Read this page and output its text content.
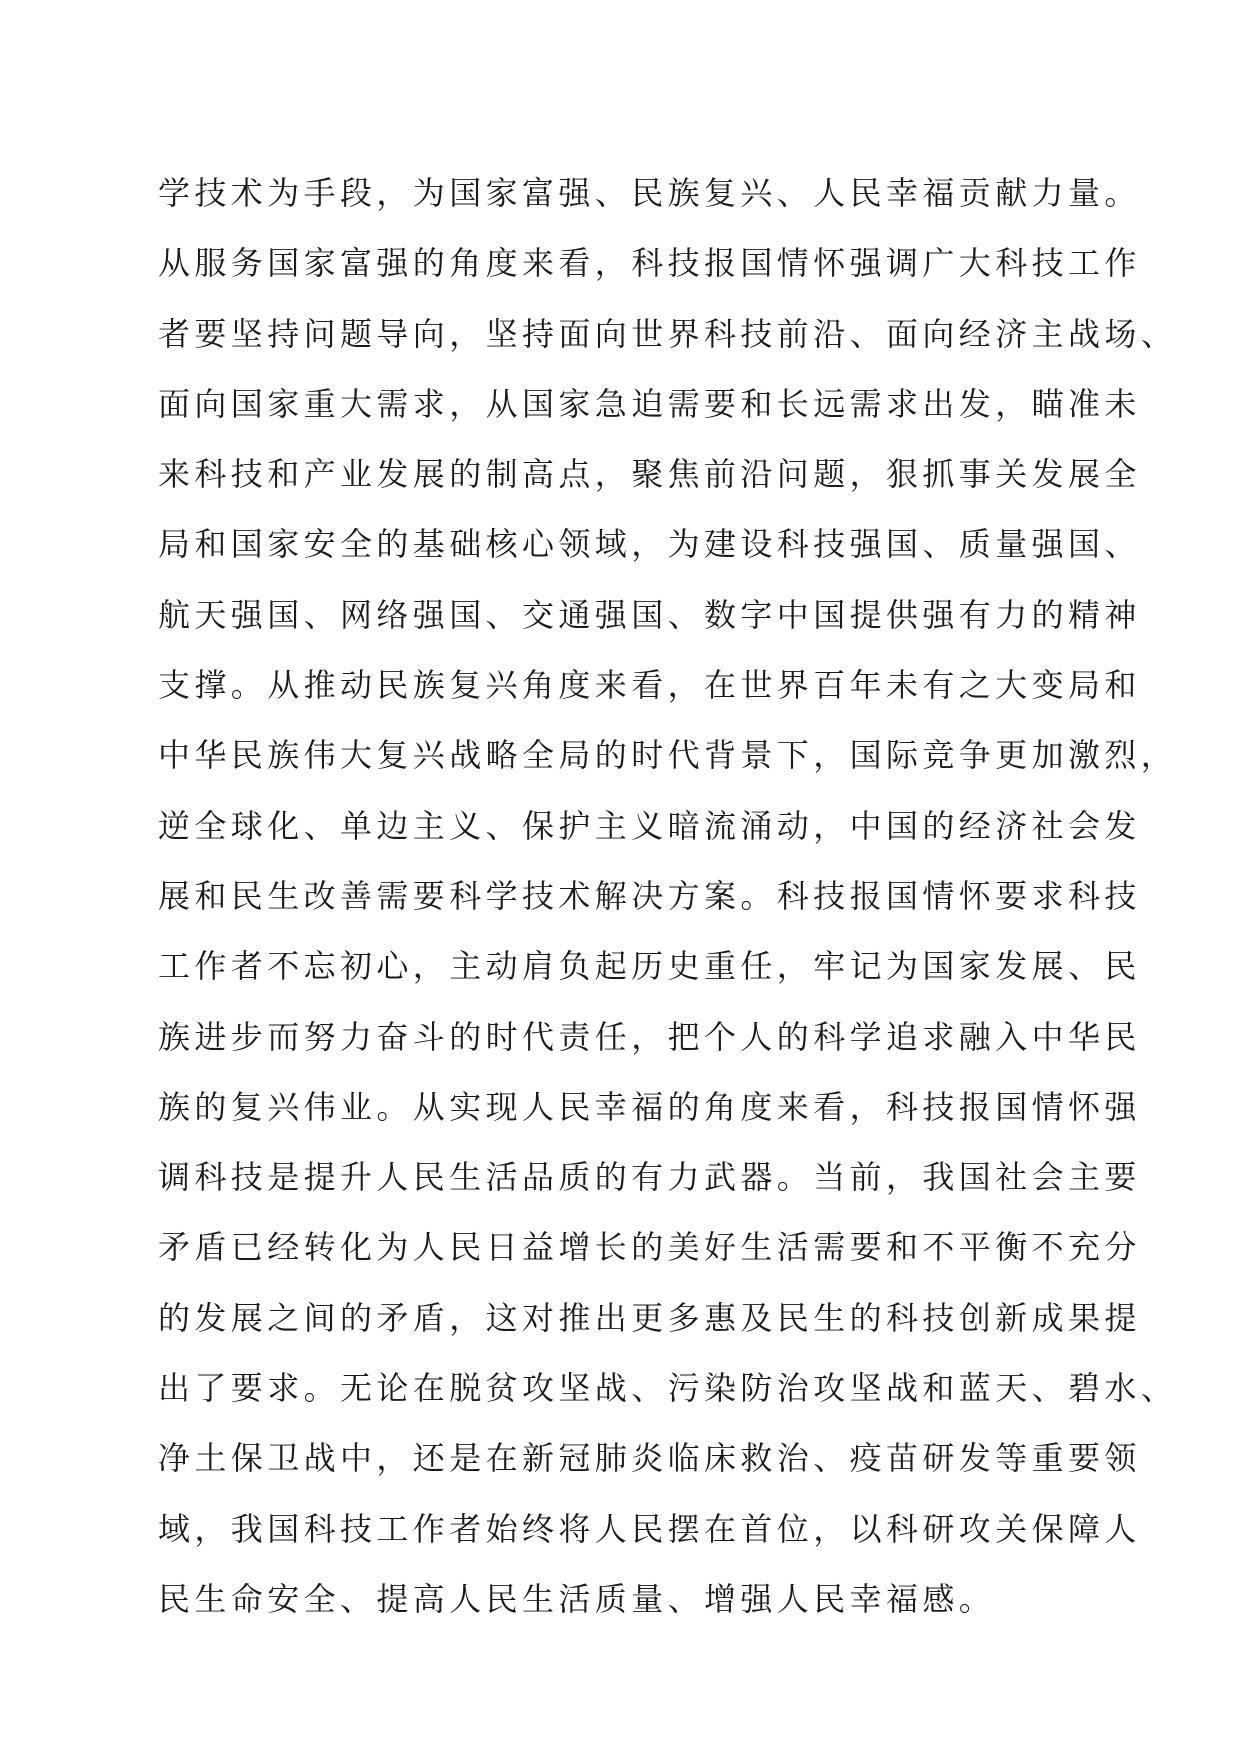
学技术为手段，为国家富强、民族复兴、人民幸福贡献力量。
从服务国家富强的角度来看，科技报国情怀强调广大科技工作
者要坚持问题导向，坚持面向世界科技前沿、面向经济主战场、
面向国家重大需求，从国家急迫需要和长远需求出发，瞄准未
来科技和产业发展的制高点，聚焦前沿问题，狠抓事关发展全
局和国家安全的基础核心领域，为建设科技强国、质量强国、
航天强国、网络强国、交通强国、数字中国提供强有力的精神
支撑。从推动民族复兴角度来看，在世界百年未有之大变局和
中华民族伟大复兴战略全局的时代背景下，国际竞争更加激烈，
逆全球化、单边主义、保护主义暗流涌动，中国的经济社会发
展和民生改善需要科学技术解决方案。科技报国情怀要求科技
工作者不忘初心，主动肩负起历史重任，牢记为国家发展、民
族进步而努力奋斗的时代责任，把个人的科学追求融入中华民
族的复兴伟业。从实现人民幸福的角度来看，科技报国情怀强
调科技是提升人民生活品质的有力武器。当前，我国社会主要
矛盾已经转化为人民日益增长的美好生活需要和不平衡不充分
的发展之间的矛盾，这对推出更多惠及民生的科技创新成果提
出了要求。无论在脱贫攻坚战、污染防治攻坚战和蓝天、碧水、
净土保卫战中，还是在新冠肺炎临床救治、疫苗研发等重要领
域，我国科技工作者始终将人民摆在首位，以科研攻关保障人
民生命安全、提高人民生活质量、增强人民幸福感。
